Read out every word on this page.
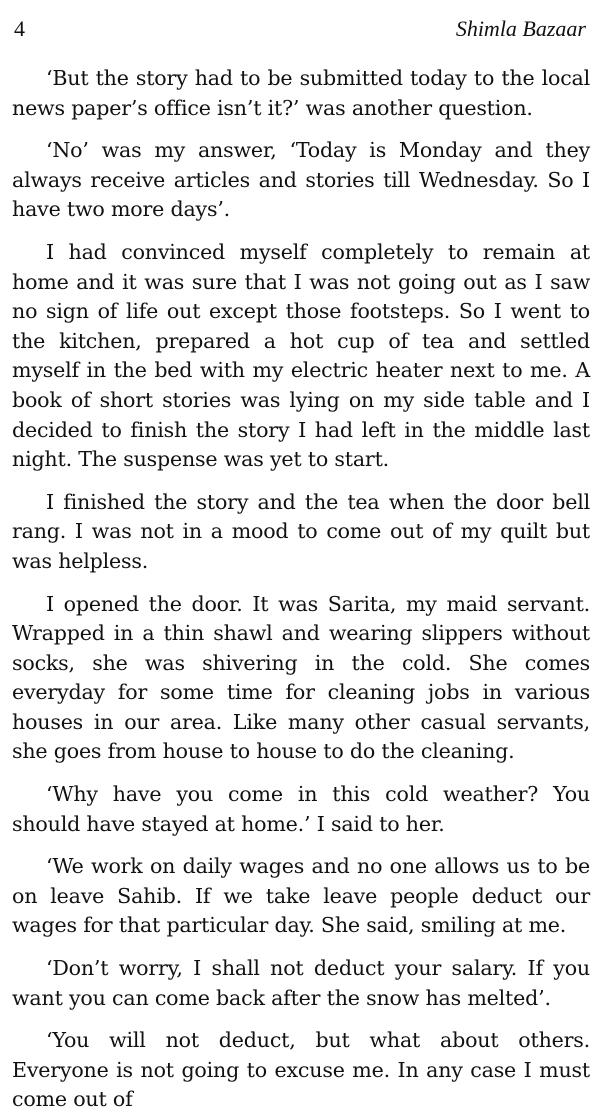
4	Shimla Bazaar

‘But the story had to be submitted today to the local news paper’s office isn’t it?’ was another question.

‘No’ was my answer, ‘Today is Monday and they always receive articles and stories till Wednesday. So I have two more days’.

I had convinced myself completely to remain at home and it was sure that I was not going out as I saw no sign of life out except those footsteps. So I went to the kitchen, prepared a hot cup of tea and settled myself in the bed with my electric heater next to me. A book of short stories was lying on my side table and I decided to finish the story I had left in the middle last night. The suspense was yet to start.

I finished the story and the tea when the door bell rang. I was not in a mood to come out of my quilt but was helpless.

I opened the door. It was Sarita, my maid servant. Wrapped in a thin shawl and wearing slippers without socks, she was shivering in the cold. She comes everyday for some time for cleaning jobs in various houses in our area. Like many other casual servants, she goes from house to house to do the cleaning.

‘Why have you come in this cold weather? You should have stayed at home.’ I said to her.

‘We work on daily wages and no one allows us to be on leave Sahib. If we take leave people deduct our wages for that particular day. She said, smiling at me.

‘Don’t worry, I shall not deduct your salary. If you want you can come back after the snow has melted’.

‘You will not deduct, but what about others. Everyone is not going to excuse me. In any case I must come out of
